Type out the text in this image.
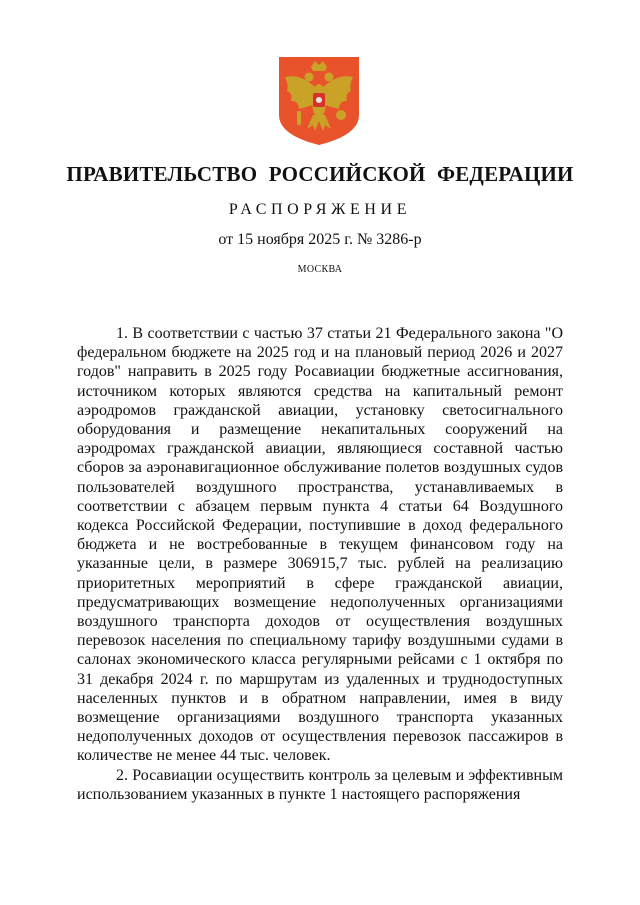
ПРАВИТЕЛЬСТВО РОССИЙСКОЙ ФЕДЕРАЦИИ
РАСПОРЯЖЕНИЕ
от 15 ноября 2025 г. № 3286-р
МОСКВА

1. В соответствии с частью 37 статьи 21 Федерального закона "О федеральном бюджете на 2025 год и на плановый период 2026 и 2027 годов" направить в 2025 году Росавиации бюджетные ассигнования, источником которых являются средства на капитальный ремонт аэродромов гражданской авиации, установку светосигнального оборудования и размещение некапитальных сооружений на аэродромах гражданской авиации, являющиеся составной частью сборов за аэронавигационное обслуживание полетов воздушных судов пользователей воздушного пространства, устанавливаемых в соответствии с абзацем первым пункта 4 статьи 64 Воздушного кодекса Российской Федерации, поступившие в доход федерального бюджета и не востребованные в текущем финансовом году на указанные цели, в размере 306915,7 тыс. рублей на реализацию приоритетных мероприятий в сфере гражданской авиации, предусматривающих возмещение недополученных организациями воздушного транспорта доходов от осуществления воздушных перевозок населения по специальному тарифу воздушными судами в салонах экономического класса регулярными рейсами с 1 октября по 31 декабря 2024 г. по маршрутам из удаленных и труднодоступных населенных пунктов и в обратном направлении, имея в виду возмещение организациями воздушного транспорта указанных недополученных доходов от осуществления перевозок пассажиров в количестве не менее 44 тыс. человек.

2. Росавиации осуществить контроль за целевым и эффективным использованием указанных в пункте 1 настоящего распоряжения
